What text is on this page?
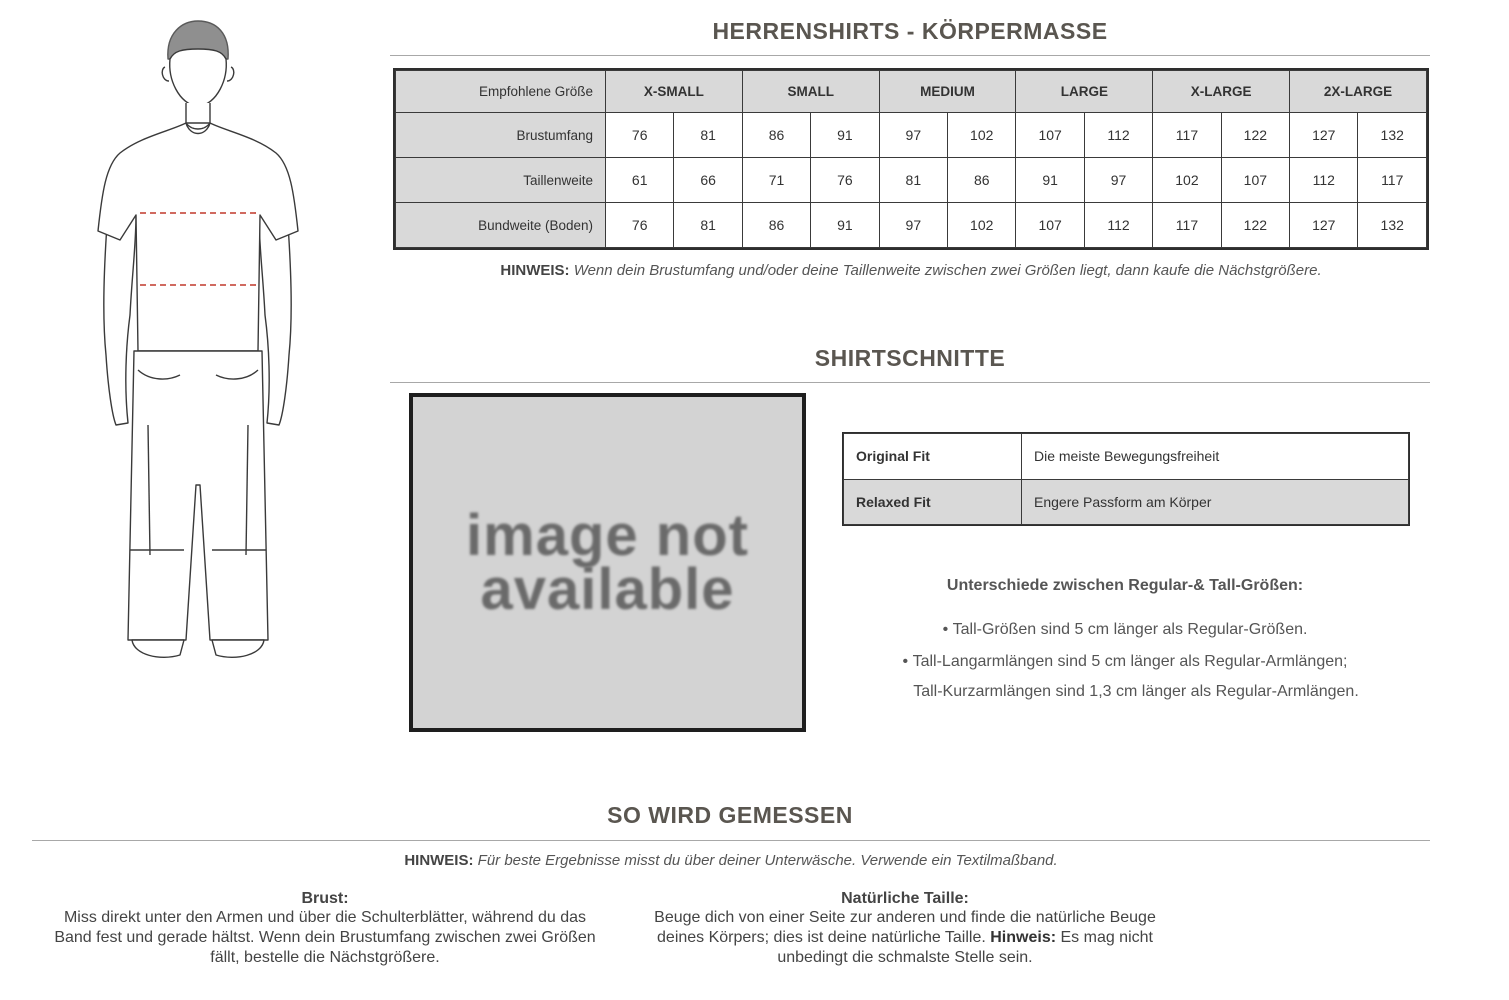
HERRENSHIRTS - KÖRPERMASSE
Empfohlene Größe	X-SMALL		SMALL		MEDIUM		LARGE		X-LARGE		2X-LARGE	
Brustumfang	76	81	86	91	97	102	107	112	117	122	127	132
Taillenweite	61	66	71	76	81	86	91	97	102	107	112	117
Bundweite (Boden)	76	81	86	91	97	102	107	112	117	122	127	132
HINWEIS: Wenn dein Brustumfang und/oder deine Taillenweite zwischen zwei Größen liegt, dann kaufe die Nächstgrößere.
SHIRTSCHNITTE
image not
available
Original Fit	Die meiste Bewegungsfreiheit
Relaxed Fit	Engere Passform am Körper
Unterschiede zwischen Regular-& Tall-Größen:
• Tall-Größen sind 5 cm länger als Regular-Größen.
• Tall-Langarmlängen sind 5 cm länger als Regular-Armlängen;
Tall-Kurzarmlängen sind 1,3 cm länger als Regular-Armlängen.
SO WIRD GEMESSEN
HINWEIS: Für beste Ergebnisse misst du über deiner Unterwäsche. Verwende ein Textilmaßband.
Brust:
Miss direkt unter den Armen und über die Schulterblätter, während du das
Band fest und gerade hältst. Wenn dein Brustumfang zwischen zwei Größen
fällt, bestelle die Nächstgrößere.
Natürliche Taille:
Beuge dich von einer Seite zur anderen und finde die natürliche Beuge
deines Körpers; dies ist deine natürliche Taille. Hinweis: Es mag nicht
unbedingt die schmalste Stelle sein.
